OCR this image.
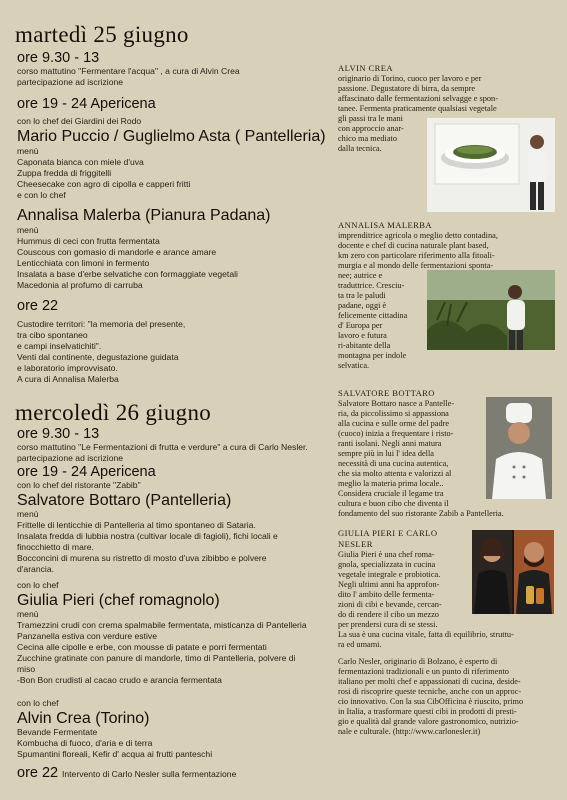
martedì 25 giugno
ore 9.30 - 13
corso mattutino "Fermentare l'acqua" , a cura di Alvin Crea
partecipazione ad iscrizione
ore 19 - 24 Apericena
con lo chef dei Giardini dei Rodo
Mario Puccio / Guglielmo Asta ( Pantelleria)
menù
Caponata bianca con miele d'uva
Zuppa fredda di friggitelli
Cheesecake con agro di cipolla e capperi fritti
e con lo chef
Annalisa Malerba (Pianura Padana)
menù
Hummus di ceci con frutta fermentata
Couscous con gomasio di mandorle e arance amare
Lenticchiata con limoni in fermento
Insalata a base d'erbe selvatiche con formaggiate vegetali
Macedonia al profumo di carruba
ore 22
Custodire territori: "la memoria del presente,
tra cibo spontaneo
e campi inselvatichiti".
Venti dal continente, degustazione guidata
e laboratorio improvvisato.
A cura di Annalisa Malerba
mercoledì 26 giugno
ore 9.30 - 13
corso mattutino "Le Fermentazioni di frutta e verdure" a cura di Carlo Nesler.
partecipazione ad iscrizione
ore 19 - 24 Apericena
con lo chef del ristorante "Zabib"
Salvatore Bottaro (Pantelleria)
menù
Frittelle di lenticchie di Pantelleria al timo spontaneo di Sataria.
Insalata fredda di lubbia nostra (cultivar locale di fagioli), fichi locali e
finocchietto di mare.
Bocconcini di murena su ristretto di mosto d'uva zibibbo e polvere
d'arancia.
con lo chef
Giulia Pieri (chef romagnolo)
menù
Tramezzini crudi con crema spalmabile fermentata, misticanza di Pantelleria
Panzanella estiva con verdure estive
Cecina alle cipolle e erbe, con mousse di patate e porri fermentati
Zucchine gratinate con panure di mandorle, timo di Pantelleria, polvere di
miso
-Bon Bon crudisti al cacao crudo e arancia fermentata
con lo chef
Alvin Crea (Torino)
Bevande Fermentate
Kombucha di fuoco, d'aria e di terra
Spumantini floreali, Kefir d' acqua ai frutti panteschi
ore 22 Intervento di Carlo Nesler sulla fermentazione
ALVIN CREA
originario di Torino, cuoco per lavoro e per
passione. Degustatore di birra, da sempre
affascinato dalle fermentazioni selvagge e spon-
tanee. Fermenta praticamente qualsiasi vegetale
gli passi tra le mani
con approccio anar-
chico ma mediato
dalla tecnica.
ANNALISA MALERBA
imprenditrice agricola o meglio detto contadina,
docente e chef di cucina naturale plant based,
km zero con particolare riferimento alla fitoali-
murgia e al mondo delle fermentazioni sponta-
nee; autrice e
traduttrice. Cresciu-
ta tra le paludi
padane, oggi è
felicemente cittadina
d' Europa per
lavoro e futura
ri-abitante della
montagna per indole
selvatica.
SALVATORE BOTTARO
Salvatore Bottaro nasce a Pantelle-
ria, da piccolissimo si appassiona
alla cucina e sulle orme del padre
(cuoco) inizia a frequentare i risto-
ranti isolani. Negli anni matura
sempre più in lui l' idea della
necessità di una cucina autentica,
che sia molto attenta e valorizzi al
meglio la materia prima locale..
Considera cruciale il legame tra
cultura e buon cibo che diventa il
fondamento del suo ristorante Zabib a Pantelleria.
GIULIA PIERI E CARLO
NESLER
Giulia Pieri è una chef roma-
gnola, specializzata in cucina
vegetale integrale e probiotica.
Negli ultimi anni ha approfon-
dito l' ambito delle fermenta-
zioni di cibi e bevande, cercan-
do di rendere il cibo un mezzo
per prendersi cura di se stessi.
La sua è una cucina vitale, fatta di equilibrio, struttu-
ra ed umami.
Carlo Nesler, originario di Bolzano, è esperto di
fermentazioni tradizionali e un punto di riferimento
italiano per molti chef e appassionati di cucina, deside-
rosi di riscoprire queste tecniche, anche con un approc-
cio innovativo. Con la sua CibOfficina è riuscito, primo
in Italia, a trasformare questi cibi in prodotti di presti-
gio e qualità dal grande valore gastronomico, nutrizio-
nale e culturale. (http://www.carlonesler.it)
